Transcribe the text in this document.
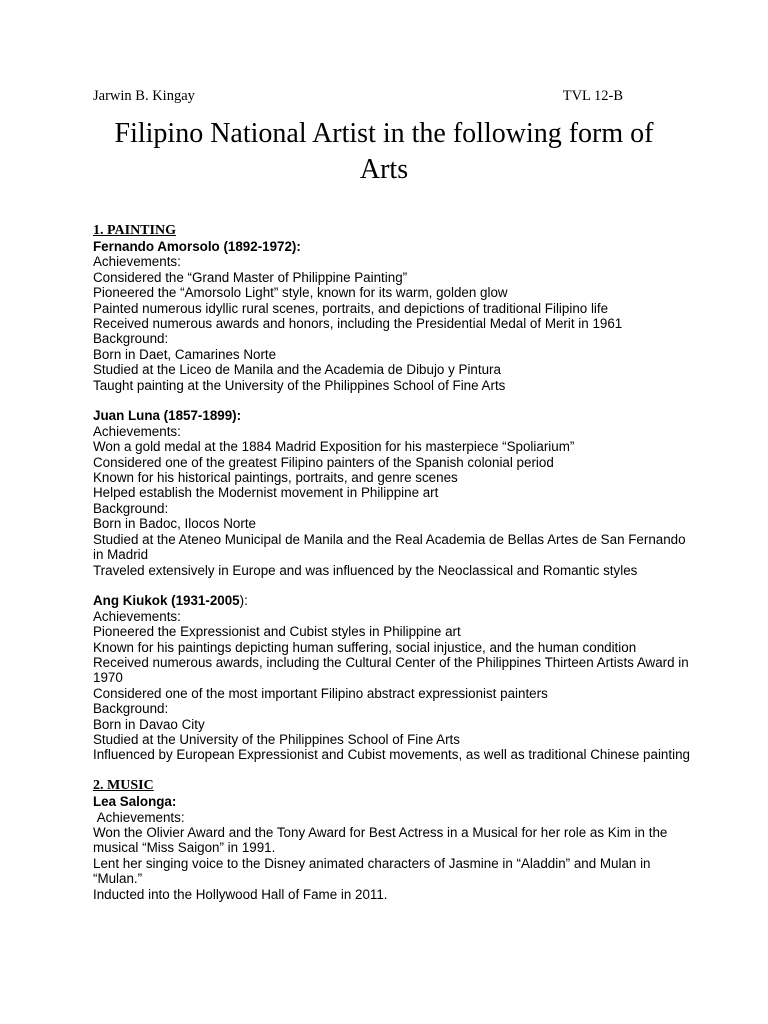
Jarwin B. Kingay	TVL 12-B
Filipino National Artist in the following form of Arts
1. PAINTING
Fernando Amorsolo (1892-1972):
Achievements:
Considered the “Grand Master of Philippine Painting”
Pioneered the “Amorsolo Light” style, known for its warm, golden glow
Painted numerous idyllic rural scenes, portraits, and depictions of traditional Filipino life
Received numerous awards and honors, including the Presidential Medal of Merit in 1961
Background:
Born in Daet, Camarines Norte
Studied at the Liceo de Manila and the Academia de Dibujo y Pintura
Taught painting at the University of the Philippines School of Fine Arts
Juan Luna (1857-1899):
Achievements:
Won a gold medal at the 1884 Madrid Exposition for his masterpiece “Spoliarium”
Considered one of the greatest Filipino painters of the Spanish colonial period
Known for his historical paintings, portraits, and genre scenes
Helped establish the Modernist movement in Philippine art
Background:
Born in Badoc, Ilocos Norte
Studied at the Ateneo Municipal de Manila and the Real Academia de Bellas Artes de San Fernando in Madrid
Traveled extensively in Europe and was influenced by the Neoclassical and Romantic styles
Ang Kiukok (1931-2005):
Achievements:
Pioneered the Expressionist and Cubist styles in Philippine art
Known for his paintings depicting human suffering, social injustice, and the human condition
Received numerous awards, including the Cultural Center of the Philippines Thirteen Artists Award in 1970
Considered one of the most important Filipino abstract expressionist painters
Background:
Born in Davao City
Studied at the University of the Philippines School of Fine Arts
Influenced by European Expressionist and Cubist movements, as well as traditional Chinese painting
2. MUSIC
Lea Salonga:
Achievements:
Won the Olivier Award and the Tony Award for Best Actress in a Musical for her role as Kim in the musical “Miss Saigon” in 1991.
Lent her singing voice to the Disney animated characters of Jasmine in “Aladdin” and Mulan in “Mulan.”
Inducted into the Hollywood Hall of Fame in 2011.
